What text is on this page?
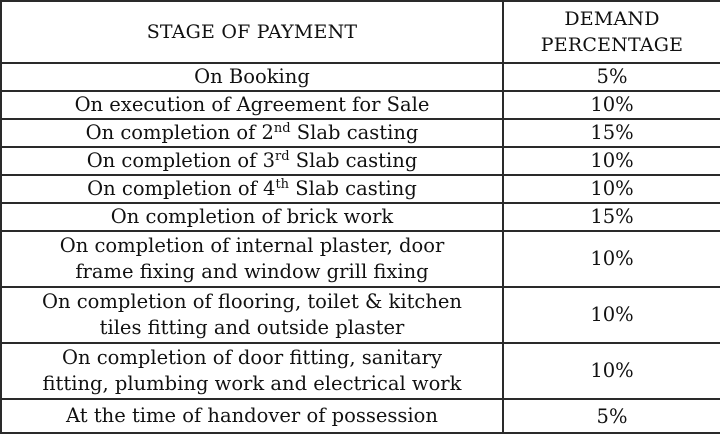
STAGE OF PAYMENT	DEMAND
PERCENTAGE

On Booking	5%
On execution of Agreement for Sale	10%
On completion of 2nd Slab casting	15%
On completion of 3rd Slab casting	10%
On completion of 4th Slab casting	10%
On completion of brick work	15%

On completion of internal plaster, door
frame fixing and window grill fixing	10%

On completion of flooring, toilet & kitchen
tiles fitting and outside plaster	10%

On completion of door fitting, sanitary
fitting, plumbing work and electrical work	10%
At the time of handover of possession	5%
